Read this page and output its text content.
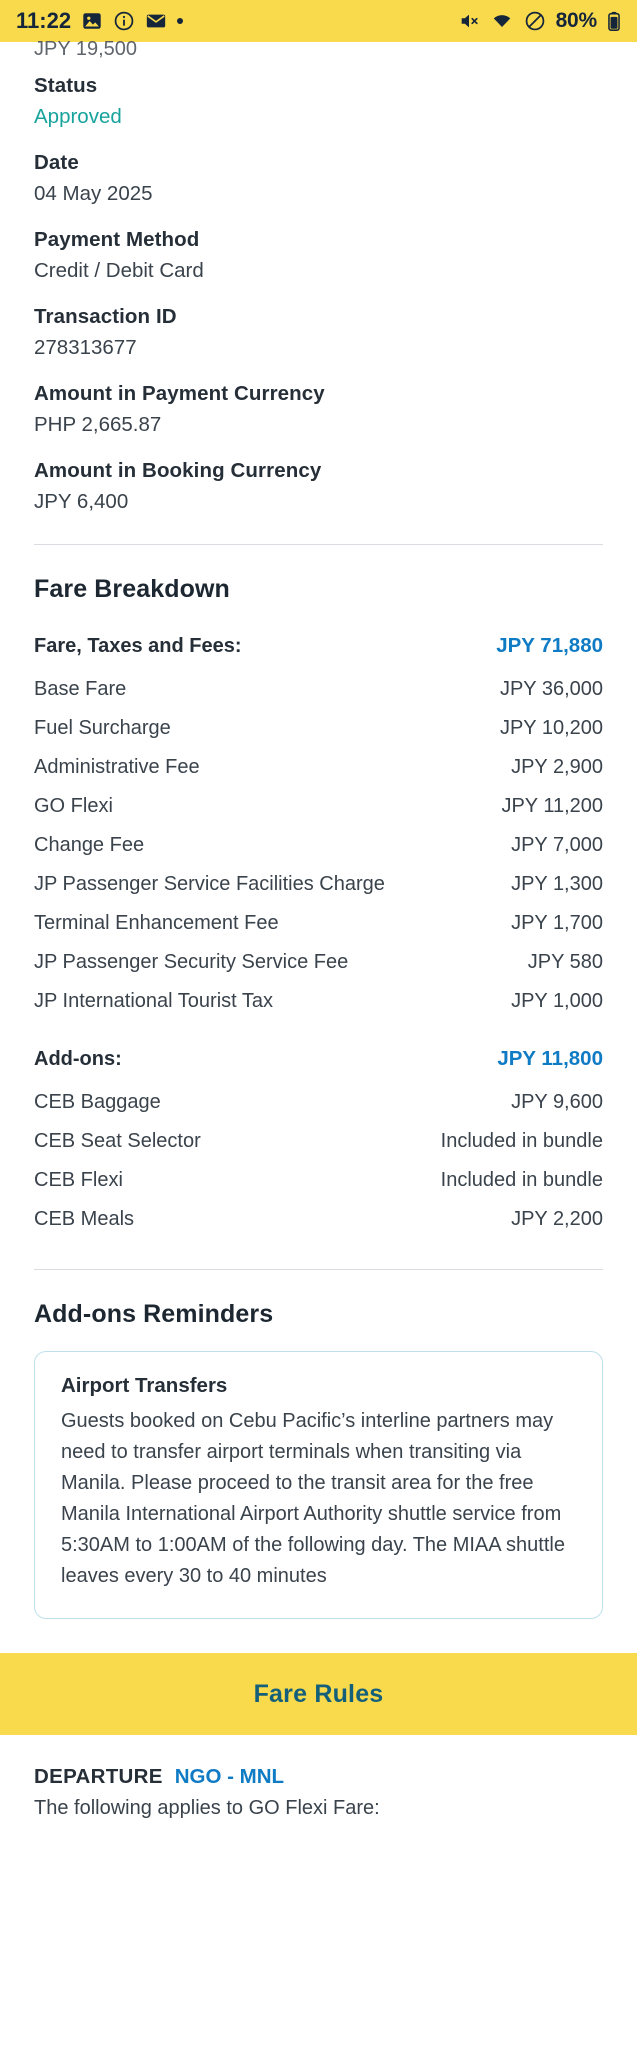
11:22	80%
JPY 19,500
Status
Approved
Date
04 May 2025
Payment Method
Credit / Debit Card
Transaction ID
278313677
Amount in Payment Currency
PHP 2,665.87
Amount in Booking Currency
JPY 6,400
Fare Breakdown
Fare, Taxes and Fees:	JPY 71,880
Base Fare	JPY 36,000
Fuel Surcharge	JPY 10,200
Administrative Fee	JPY 2,900
GO Flexi	JPY 11,200
Change Fee	JPY 7,000
JP Passenger Service Facilities Charge	JPY 1,300
Terminal Enhancement Fee	JPY 1,700
JP Passenger Security Service Fee	JPY 580
JP International Tourist Tax	JPY 1,000
Add-ons:	JPY 11,800
CEB Baggage	JPY 9,600
CEB Seat Selector	Included in bundle
CEB Flexi	Included in bundle
CEB Meals	JPY 2,200
Add-ons Reminders
Airport Transfers
Guests booked on Cebu Pacific’s interline partners may need to transfer airport terminals when transiting via Manila. Please proceed to the transit area for the free Manila International Airport Authority shuttle service from 5:30AM to 1:00AM of the following day. The MIAA shuttle leaves every 30 to 40 minutes
Fare Rules
DEPARTURE NGO - MNL
The following applies to GO Flexi Fare:
